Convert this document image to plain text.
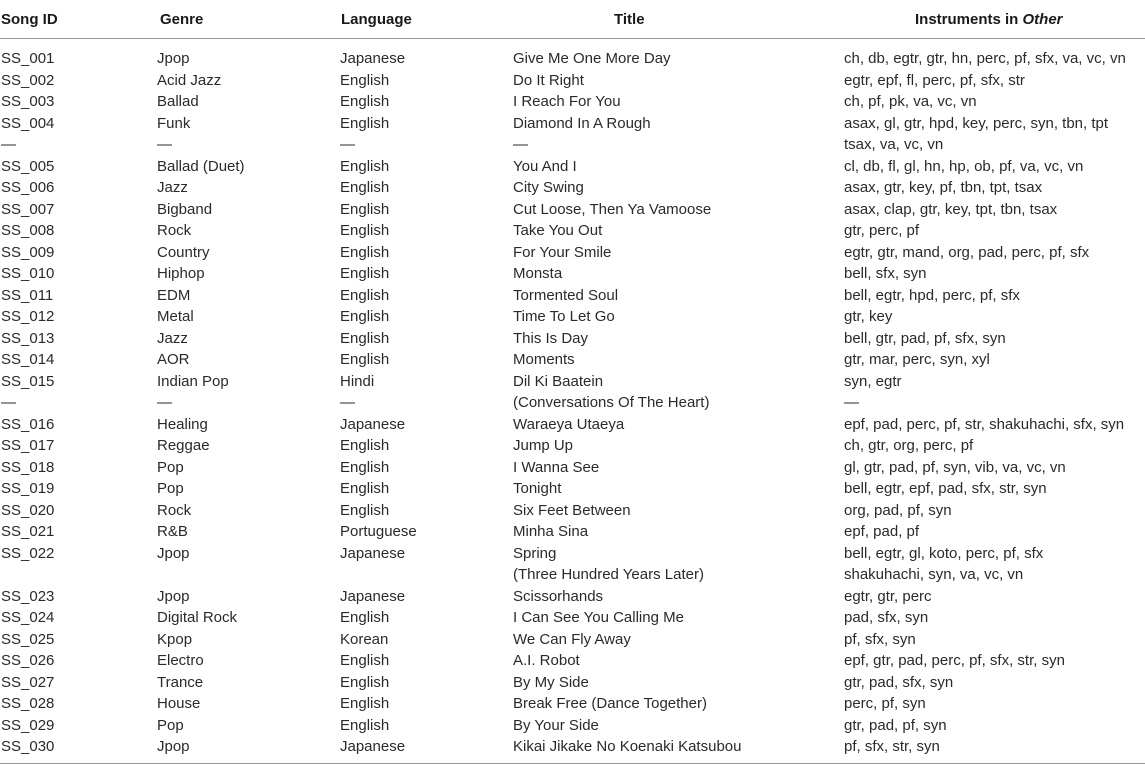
Song ID	Genre	Language	Title	Instruments in Other

SS_001	Jpop	Japanese	Give Me One More Day	ch, db, egtr, gtr, hn, perc, pf, sfx, va, vc, vn
SS_002	Acid Jazz	English	Do It Right	egtr, epf, fl, perc, pf, sfx, str
SS_003	Ballad	English	I Reach For You	ch, pf, pk, va, vc, vn
SS_004	Funk	English	Diamond In A Rough	asax, gl, gtr, hpd, key, perc, syn, tbn, tpt
—	—	—	—	tsax, va, vc, vn
SS_005	Ballad (Duet)	English	You And I	cl, db, fl, gl, hn, hp, ob, pf, va, vc, vn
SS_006	Jazz	English	City Swing	asax, gtr, key, pf, tbn, tpt, tsax
SS_007	Bigband	English	Cut Loose, Then Ya Vamoose	asax, clap, gtr, key, tpt, tbn, tsax
SS_008	Rock	English	Take You Out	gtr, perc, pf
SS_009	Country	English	For Your Smile	egtr, gtr, mand, org, pad, perc, pf, sfx
SS_010	Hiphop	English	Monsta	bell, sfx, syn
SS_011	EDM	English	Tormented Soul	bell, egtr, hpd, perc, pf, sfx
SS_012	Metal	English	Time To Let Go	gtr, key
SS_013	Jazz	English	This Is Day	bell, gtr, pad, pf, sfx, syn
SS_014	AOR	English	Moments	gtr, mar, perc, syn, xyl
SS_015	Indian Pop	Hindi	Dil Ki Baatein	syn, egtr
—	—	—	(Conversations Of The Heart)	—
SS_016	Healing	Japanese	Waraeya Utaeya	epf, pad, perc, pf, str, shakuhachi, sfx, syn
SS_017	Reggae	English	Jump Up	ch, gtr, org, perc, pf
SS_018	Pop	English	I Wanna See	gl, gtr, pad, pf, syn, vib, va, vc, vn
SS_019	Pop	English	Tonight	bell, egtr, epf, pad, sfx, str, syn
SS_020	Rock	English	Six Feet Between	org, pad, pf, syn
SS_021	R&B	Portuguese	Minha Sina	epf, pad, pf
SS_022	Jpop	Japanese	Spring	bell, egtr, gl, koto, perc, pf, sfx
			(Three Hundred Years Later)	shakuhachi, syn, va, vc, vn
SS_023	Jpop	Japanese	Scissorhands	egtr, gtr, perc
SS_024	Digital Rock	English	I Can See You Calling Me	pad, sfx, syn
SS_025	Kpop	Korean	We Can Fly Away	pf, sfx, syn
SS_026	Electro	English	A.I. Robot	epf, gtr, pad, perc, pf, sfx, str, syn
SS_027	Trance	English	By My Side	gtr, pad, sfx, syn
SS_028	House	English	Break Free (Dance Together)	perc, pf, syn
SS_029	Pop	English	By Your Side	gtr, pad, pf, syn
SS_030	Jpop	Japanese	Kikai Jikake No Koenaki Katsubou	pf, sfx, str, syn
